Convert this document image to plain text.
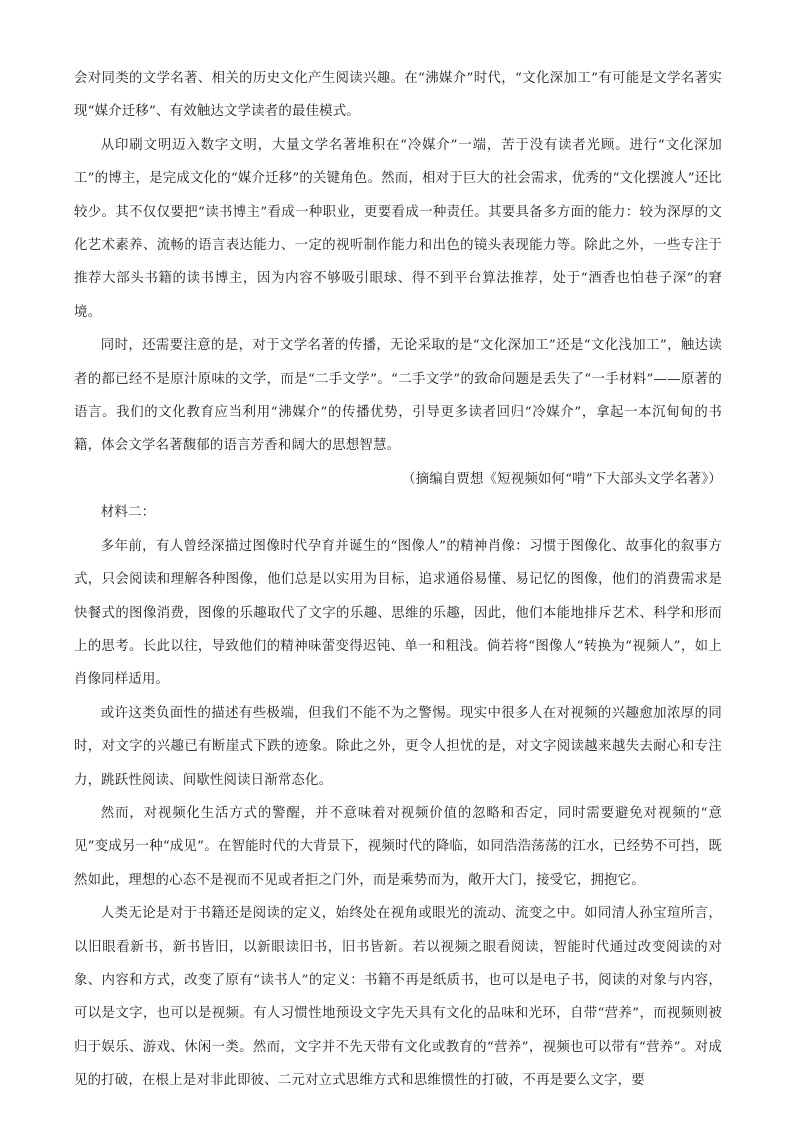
会对同类的文学名著、相关的历史文化产生阅读兴趣。在“沸媒介”时代，“文化深加工”有可能是文学名著实现“媒介迁移”、有效触达文学读者的最佳模式。

从印刷文明迈入数字文明，大量文学名著堆积在“冷媒介”一端，苦于没有读者光顾。进行“文化深加工”的博主，是完成文化的“媒介迁移”的关键角色。然而，相对于巨大的社会需求，优秀的“文化摆渡人”还比较少。其不仅仅要把“读书博主”看成一种职业，更要看成一种责任。其要具备多方面的能力：较为深厚的文化艺术素养、流畅的语言表达能力、一定的视听制作能力和出色的镜头表现能力等。除此之外，一些专注于推荐大部头书籍的读书博主，因为内容不够吸引眼球、得不到平台算法推荐，处于“酒香也怕巷子深”的窘境。

同时，还需要注意的是，对于文学名著的传播，无论采取的是“文化深加工”还是“文化浅加工”，触达读者的都已经不是原汁原味的文学，而是“二手文学”。“二手文学”的致命问题是丢失了“一手材料”——原著的语言。我们的文化教育应当利用“沸媒介”的传播优势，引导更多读者回归“冷媒介”，拿起一本沉甸甸的书籍，体会文学名著馥郁的语言芳香和阔大的思想智慧。

（摘编自贾想《短视频如何“啃”下大部头文学名著》）

材料二：

多年前，有人曾经深描过图像时代孕育并诞生的“图像人”的精神肖像：习惯于图像化、故事化的叙事方式，只会阅读和理解各种图像，他们总是以实用为目标，追求通俗易懂、易记忆的图像，他们的消费需求是快餐式的图像消费，图像的乐趣取代了文字的乐趣、思维的乐趣，因此，他们本能地排斥艺术、科学和形而上的思考。长此以往，导致他们的精神味蕾变得迟钝、单一和粗浅。倘若将“图像人”转换为“视频人”，如上肖像同样适用。

或许这类负面性的描述有些极端，但我们不能不为之警惕。现实中很多人在对视频的兴趣愈加浓厚的同时，对文字的兴趣已有断崖式下跌的迹象。除此之外，更令人担忧的是，对文字阅读越来越失去耐心和专注力，跳跃性阅读、间歇性阅读日渐常态化。

然而，对视频化生活方式的警醒，并不意味着对视频价值的忽略和否定，同时需要避免对视频的“意见”变成另一种“成见”。在智能时代的大背景下，视频时代的降临，如同浩浩荡荡的江水，已经势不可挡，既然如此，理想的心态不是视而不见或者拒之门外，而是乘势而为，敞开大门，接受它，拥抱它。

人类无论是对于书籍还是阅读的定义，始终处在视角或眼光的流动、流变之中。如同清人孙宝瑄所言，以旧眼看新书，新书皆旧，以新眼读旧书，旧书皆新。若以视频之眼看阅读，智能时代通过改变阅读的对象、内容和方式，改变了原有“读书人”的定义：书籍不再是纸质书，也可以是电子书，阅读的对象与内容，可以是文字，也可以是视频。有人习惯性地预设文字先天具有文化的品味和光环，自带“营养”，而视频则被归于娱乐、游戏、休闲一类。然而，文字并不先天带有文化或教育的“营养”，视频也可以带有“营养”。对成见的打破，在根上是对非此即彼、二元对立式思维方式和思维惯性的打破，不再是要么文字，要
